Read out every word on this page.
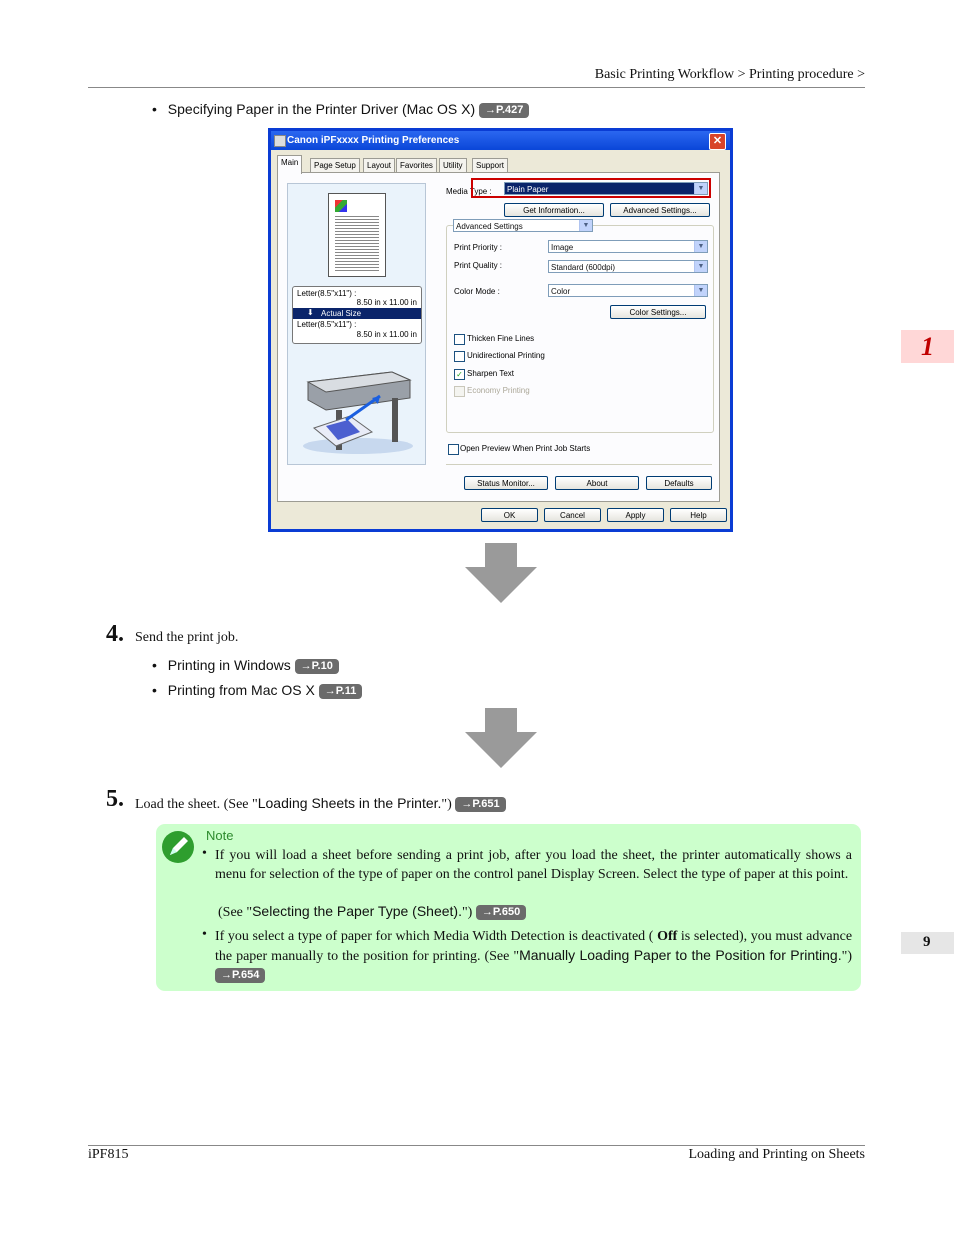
Basic Printing Workflow > Printing procedure >
• Specifying Paper in the Printer Driver (Mac OS X) →P.427
Canon iPFxxxx Printing Preferences	✕
Main	Page Setup	Layout	Favorites	Utility	Support
Letter(8.5"x11") :
8.50 in x 11.00 in
⬇ Actual Size
Letter(8.5"x11") :
8.50 in x 11.00 in
Media Type :	Plain Paper	▼
Get Information...	Advanced Settings...
Advanced Settings	▼
Print Priority :	Image	▼
Print Quality :	Standard (600dpi)	▼
Color Mode :	Color	▼
Color Settings...
Thicken Fine Lines
Unidirectional Printing
✓ Sharpen Text
Economy Printing
Open Preview When Print Job Starts
Status Monitor...	About	Defaults
OK	Cancel	Apply	Help
4. Send the print job.
• Printing in Windows →P.10
• Printing from Mac OS X →P.11
5. Load the sheet. (See "Loading Sheets in the Printer.") →P.651
Note
• If you will load a sheet before sending a print job, after you load the sheet, the printer automatically shows a menu for selection of the type of paper on the control panel Display Screen. Select the type of paper at this point.
(See "Selecting the Paper Type (Sheet).") →P.650
• If you select a type of paper for which Media Width Detection is deactivated ( Off is selected), you must advance the paper manually to the position for printing. (See "Manually Loading Paper to the Position for Printing.") →P.654
1
9
iPF815	Loading and Printing on Sheets
